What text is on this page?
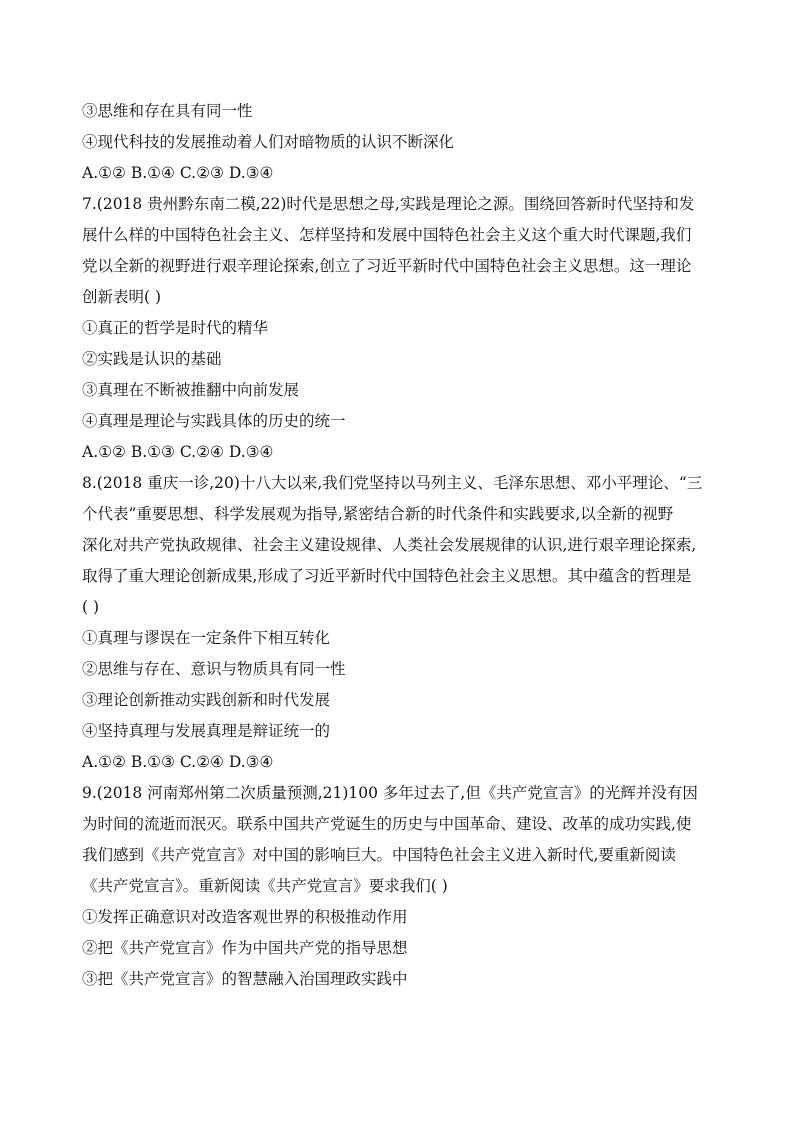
③思维和存在具有同一性
④现代科技的发展推动着人们对暗物质的认识不断深化
A.①② B.①④ C.②③ D.③④
7.(2018 贵州黔东南二模,22)时代是思想之母,实践是理论之源。围绕回答新时代坚持和发
展什么样的中国特色社会主义、怎样坚持和发展中国特色社会主义这个重大时代课题,我们
党以全新的视野进行艰辛理论探索,创立了习近平新时代中国特色社会主义思想。这一理论
创新表明( )
①真正的哲学是时代的精华
②实践是认识的基础
③真理在不断被推翻中向前发展
④真理是理论与实践具体的历史的统一
A.①② B.①③ C.②④ D.③④
8.(2018 重庆一诊,20)十八大以来,我们党坚持以马列主义、毛泽东思想、邓小平理论、“三
个代表”重要思想、科学发展观为指导,紧密结合新的时代条件和实践要求,以全新的视野
深化对共产党执政规律、社会主义建设规律、人类社会发展规律的认识,进行艰辛理论探索,
取得了重大理论创新成果,形成了习近平新时代中国特色社会主义思想。其中蕴含的哲理是
( )
①真理与谬误在一定条件下相互转化
②思维与存在、意识与物质具有同一性
③理论创新推动实践创新和时代发展
④坚持真理与发展真理是辩证统一的
A.①② B.①③ C.②④ D.③④
9.(2018 河南郑州第二次质量预测,21)100 多年过去了,但《共产党宣言》的光辉并没有因
为时间的流逝而泯灭。联系中国共产党诞生的历史与中国革命、建设、改革的成功实践,使
我们感到《共产党宣言》对中国的影响巨大。中国特色社会主义进入新时代,要重新阅读
《共产党宣言》。重新阅读《共产党宣言》要求我们( )
①发挥正确意识对改造客观世界的积极推动作用
②把《共产党宣言》作为中国共产党的指导思想
③把《共产党宣言》的智慧融入治国理政实践中
